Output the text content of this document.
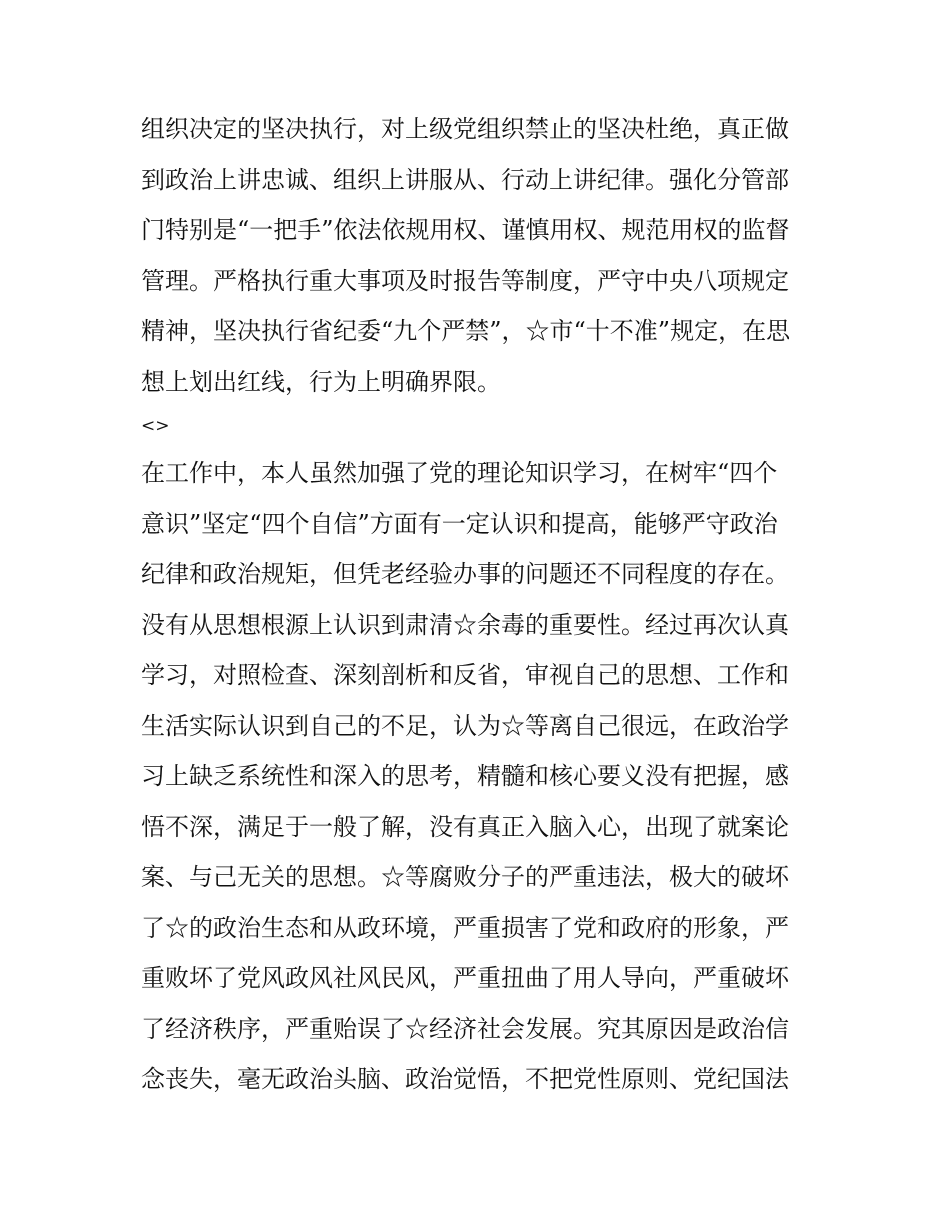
组织决定的坚决执行，对上级党组织禁止的坚决杜绝，真正做
到政治上讲忠诚、组织上讲服从、行动上讲纪律。强化分管部
门特别是“一把手”依法依规用权、谨慎用权、规范用权的监督
管理。严格执行重大事项及时报告等制度，严守中央八项规定
精神，坚决执行省纪委“九个严禁”，☆市“十不准”规定，在思
想上划出红线，行为上明确界限。
<>
在工作中，本人虽然加强了党的理论知识学习，在树牢“四个
意识”坚定“四个自信”方面有一定认识和提高，能够严守政治
纪律和政治规矩，但凭老经验办事的问题还不同程度的存在。
没有从思想根源上认识到肃清☆余毒的重要性。经过再次认真
学习，对照检查、深刻剖析和反省，审视自己的思想、工作和
生活实际认识到自己的不足，认为☆等离自己很远，在政治学
习上缺乏系统性和深入的思考，精髓和核心要义没有把握，感
悟不深，满足于一般了解，没有真正入脑入心，出现了就案论
案、与己无关的思想。☆等腐败分子的严重违法，极大的破坏
了☆的政治生态和从政环境，严重损害了党和政府的形象，严
重败坏了党风政风社风民风，严重扭曲了用人导向，严重破坏
了经济秩序，严重贻误了☆经济社会发展。究其原因是政治信
念丧失，毫无政治头脑、政治觉悟，不把党性原则、党纪国法
